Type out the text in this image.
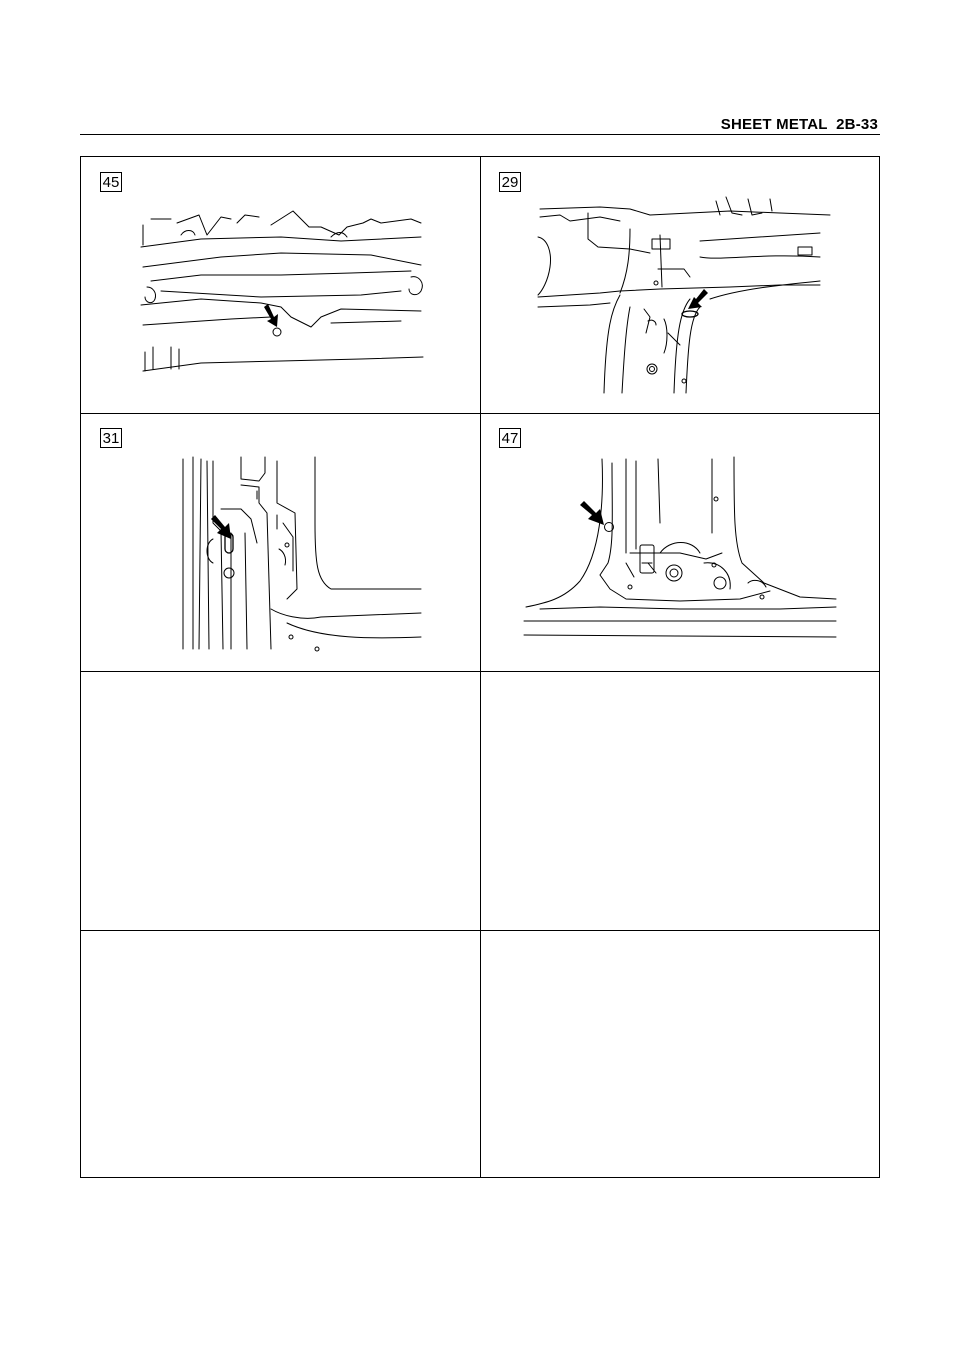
SHEET METAL  2B-33
45	29
31	47
